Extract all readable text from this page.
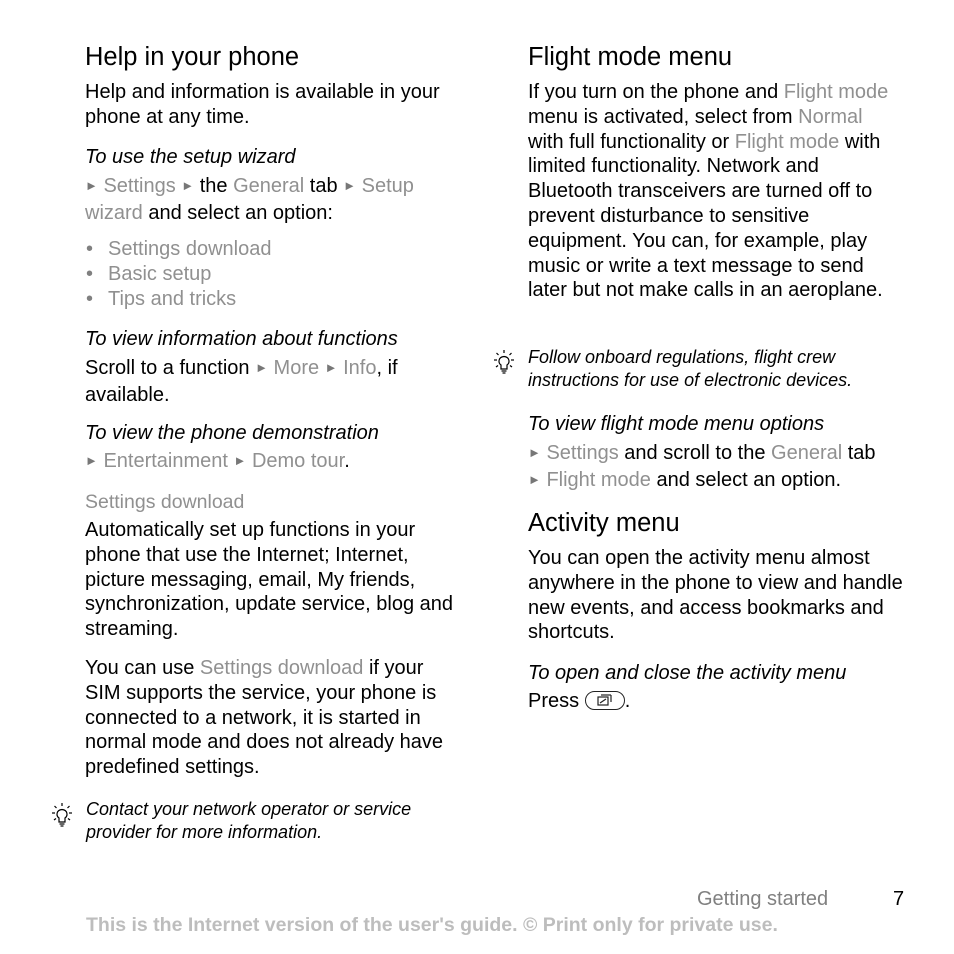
Help in your phone
Help and information is available in your phone at any time.
To use the setup wizard
► Settings ► the General tab ► Setup wizard and select an option:
• Settings download
• Basic setup
• Tips and tricks
To view information about functions
Scroll to a function ► More ► Info, if available.
To view the phone demonstration
► Entertainment ► Demo tour.
Settings download
Automatically set up functions in your phone that use the Internet; Internet, picture messaging, email, My friends, synchronization, update service, blog and streaming.
You can use Settings download if your SIM supports the service, your phone is connected to a network, it is started in normal mode and does not already have predefined settings.
Contact your network operator or service provider for more information.
Flight mode menu
If you turn on the phone and Flight mode menu is activated, select from Normal with full functionality or Flight mode with limited functionality. Network and Bluetooth transceivers are turned off to prevent disturbance to sensitive equipment. You can, for example, play music or write a text message to send later but not make calls in an aeroplane.
Follow onboard regulations, flight crew instructions for use of electronic devices.
To view flight mode menu options
► Settings and scroll to the General tab
► Flight mode and select an option.
Activity menu
You can open the activity menu almost anywhere in the phone to view and handle new events, and access bookmarks and shortcuts.
To open and close the activity menu
Press .
Getting started	7
This is the Internet version of the user's guide. © Print only for private use.
